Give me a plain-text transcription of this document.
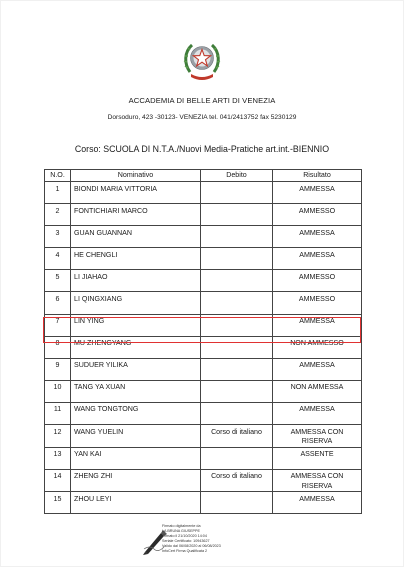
ACCADEMIA DI BELLE ARTI DI VENEZIA
Dorsoduro, 423 -30123- VENEZIA tel. 041/2413752 fax 5230129
Corso: SCUOLA DI N.T.A./Nuovi Media-Pratiche art.int.-BIENNIO
N.O.	Nominativo	Debito	Risultato
1	BIONDI MARIA VITTORIA		AMMESSA
2	FONTICHIARI MARCO		AMMESSO
3	GUAN GUANNAN		AMMESSA
4	HE CHENGLI		AMMESSA
5	LI JIAHAO		AMMESSO
6	LI QINGXIANG		AMMESSO
7	LIN YING		AMMESSA
8	MU ZHENGYANG		NON AMMESSO
9	SUDUER YILIKA		AMMESSA
10	TANG YA XUAN		NON AMMESSA
11	WANG TONGTONG		AMMESSA
12	WANG YUELIN	Corso di italiano	AMMESSA CON RISERVA
13	YAN KAI		ASSENTE
14	ZHENG ZHI	Corso di italiano	AMMESSA CON RISERVA
15	ZHOU LEYI		AMMESSA
Firmato digitalmente da
LA BRUNA GIUSEPPE
Firmato il 21/10/2020 14:04
Seriale Certificato: 10943627
Valido dal 06/08/2020 al 06/08/2023
InfoCert Firma Qualificata 2
